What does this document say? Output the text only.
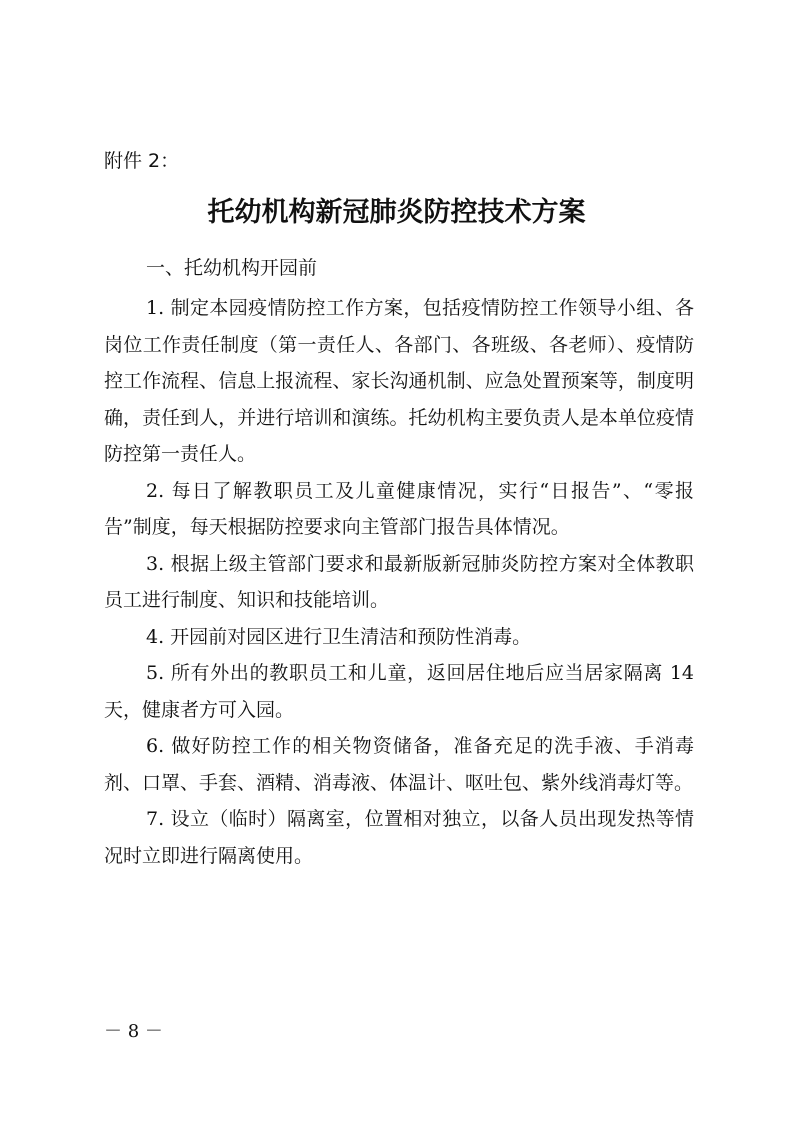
附件 2：
托幼机构新冠肺炎防控技术方案
一、托幼机构开园前

1. 制定本园疫情防控工作方案，包括疫情防控工作领导小组、各岗位工作责任制度（第一责任人、各部门、各班级、各老师）、疫情防控工作流程、信息上报流程、家长沟通机制、应急处置预案等，制度明确，责任到人，并进行培训和演练。托幼机构主要负责人是本单位疫情防控第一责任人。

2. 每日了解教职员工及儿童健康情况，实行“日报告”、“零报告”制度，每天根据防控要求向主管部门报告具体情况。

3. 根据上级主管部门要求和最新版新冠肺炎防控方案对全体教职员工进行制度、知识和技能培训。

4. 开园前对园区进行卫生清洁和预防性消毒。

5. 所有外出的教职员工和儿童，返回居住地后应当居家隔离 14 天，健康者方可入园。

6. 做好防控工作的相关物资储备，准备充足的洗手液、手消毒剂、口罩、手套、酒精、消毒液、体温计、呕吐包、紫外线消毒灯等。

7. 设立（临时）隔离室，位置相对独立，以备人员出现发热等情况时立即进行隔离使用。

－ 8 －
